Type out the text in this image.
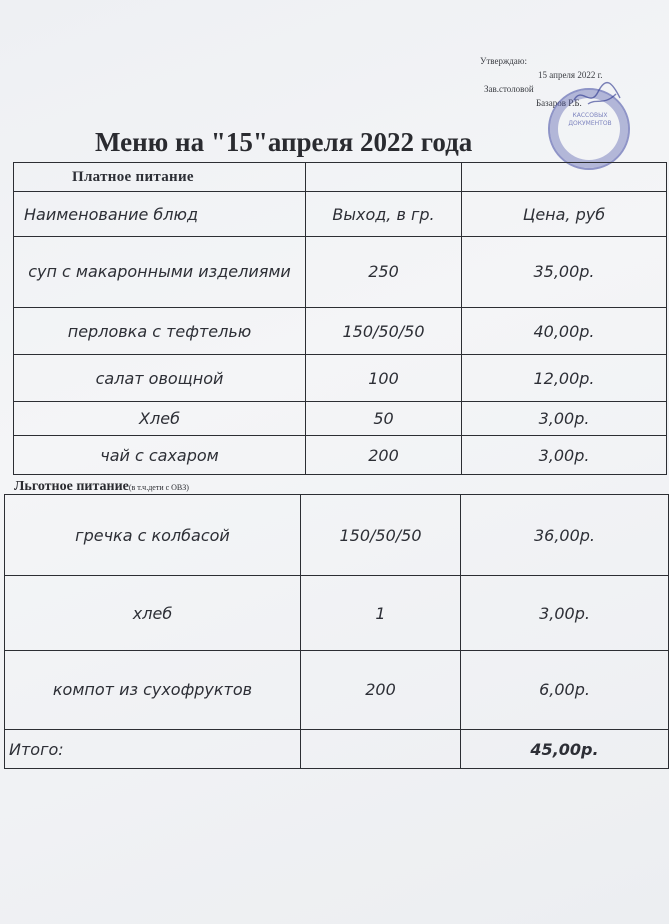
Утверждаю:
15 апреля 2022 г.
Зав.столовой
Базаров Р.Б.
КАССОВЫХ ДОКУМЕНТОВ
Меню на "15"апреля 2022 года
Платное питание		
Наименование блюд	Выход, в гр.	Цена, руб
суп с макаронными изделиями	250	35,00р.
перловка с тефтелью	150/50/50	40,00р.
салат овощной	100	12,00р.
Хлеб	50	3,00р.
чай с сахаром	200	3,00р.
Льготное питание(в т.ч.дети с ОВЗ)
гречка с колбасой	150/50/50	36,00р.
хлеб	1	3,00р.
компот из сухофруктов	200	6,00р.
Итого:		45,00р.
